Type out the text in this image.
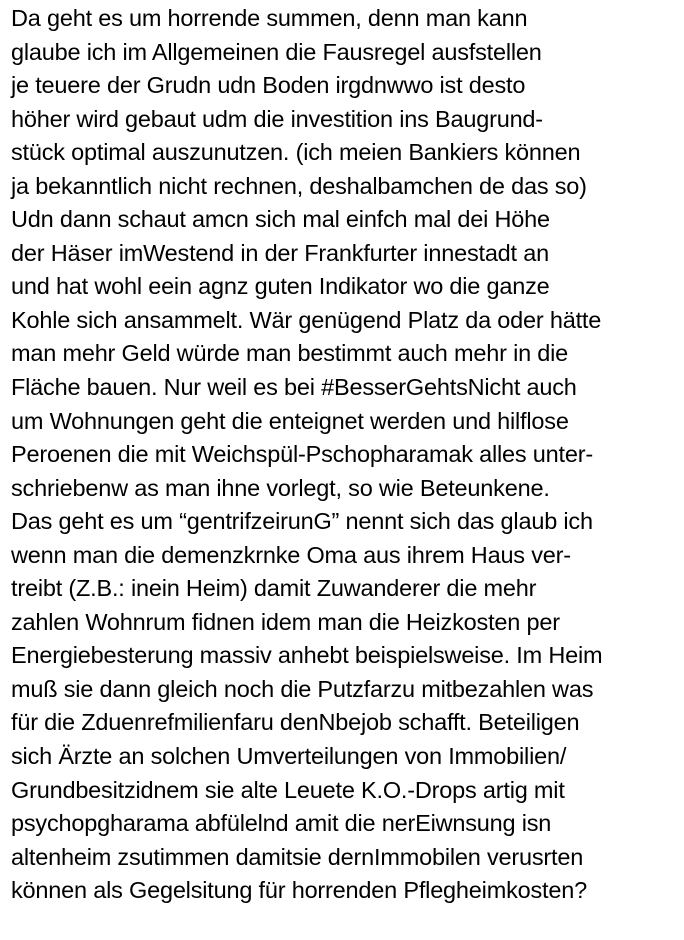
Da geht es um horrende summen, denn man kann
glaube ich im Allgemeinen die Fausregel ausfstellen
je teuere der Grudn udn Boden irgdnwwo ist desto
höher wird gebaut udm die investition ins Baugrund-
stück optimal auszunutzen. (ich meien Bankiers können
ja bekanntlich nicht rechnen, deshalbamchen de das so)
Udn dann schaut amcn sich mal einfch mal dei Höhe
der Häser imWestend in der Frankfurter innestadt an
und hat wohl eein agnz guten Indikator wo die ganze
Kohle sich ansammelt. Wär genügend Platz da oder hätte
man mehr Geld würde man bestimmt auch mehr in die
Fläche bauen. Nur weil es bei #BesserGehtsNicht auch
um Wohnungen geht die enteignet werden und hilflose
Peroenen die mit Weichspül-Pschopharamak alles unter-
schriebenw as man ihne vorlegt, so wie Beteunkene.
Das geht es um “gentrifzeirunG” nennt sich das glaub ich
wenn man die demenzkrnke Oma aus ihrem Haus ver-
treibt (Z.B.: inein Heim) damit Zuwanderer die mehr
zahlen Wohnrum fidnen idem man die Heizkosten per
Energiebesterung massiv anhebt beispielsweise. Im Heim
muß sie dann gleich noch die Putzfarzu mitbezahlen was
für die Zduenrefmilienfaru denNbejob schafft. Beteiligen
sich Ärzte an solchen Umverteilungen von Immobilien/
Grundbesitzidnem sie alte Leuete K.O.-Drops artig mit
psychopgharama abfülelnd amit die nerEiwnsung isn
altenheim zsutimmen damitsie dernImmobilen verusrten
können als Gegelsitung für horrenden Pflegheimkosten?
